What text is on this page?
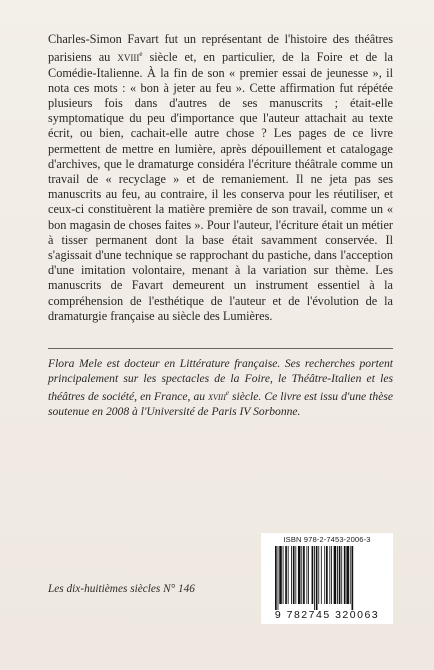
Charles-Simon Favart fut un représentant de l'histoire des théâtres parisiens au xviii$^e$ siècle et, en particulier, de la Foire et de la Comédie-Italienne. À la fin de son « premier essai de jeunesse », il nota ces mots : « bon à jeter au feu ». Cette affirmation fut répétée plusieurs fois dans d'autres de ses manuscrits ; était-elle symptomatique du peu d'importance que l'auteur attachait au texte écrit, ou bien, cachait-elle autre chose ? Les pages de ce livre permettent de mettre en lumière, après dépouillement et catalogage d'archives, que le dramaturge considéra l'écriture théâtrale comme un travail de « recyclage » et de remaniement. Il ne jeta pas ses manuscrits au feu, au contraire, il les conserva pour les réutiliser, et ceux-ci constituèrent la matière première de son travail, comme un « bon magasin de choses faites ». Pour l'auteur, l'écriture était un métier à tisser permanent dont la base était savamment conservée. Il s'agissait d'une technique se rapprochant du pastiche, dans l'acception d'une imitation volontaire, menant à la variation sur thème. Les manuscrits de Favart demeurent un instrument essentiel à la compréhension de l'esthétique de l'auteur et de l'évolution de la dramaturgie française au siècle des Lumières.

Flora Mele est docteur en Littérature française. Ses recherches portent principalement sur les spectacles de la Foire, le Théâtre-Italien et les théâtres de société, en France, au xviii$^e$ siècle. Ce livre est issu d'une thèse soutenue en 2008 à l'Université de Paris IV Sorbonne.

Les dix-huitièmes siècles N° 146
ISBN 978-2-7453-2006-3
9 782745 320063
